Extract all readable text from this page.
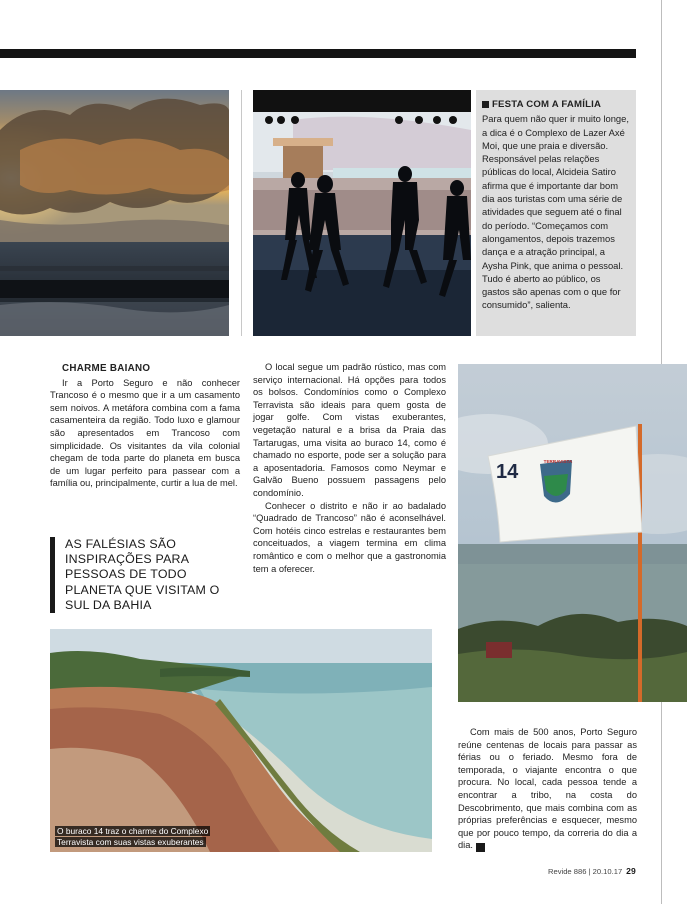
FESTA COM A FAMÍLIA
Para quem não quer ir muito longe, a dica é o Complexo de Lazer Axé Moi, que une praia e diversão. Responsável pelas relações públicas do local, Alcideia Satiro afirma que é importante dar bom dia aos turistas com uma série de atividades que seguem até o final do período. “Começamos com alongamentos, depois trazemos dança e a atração principal, a Aysha Pink, que anima o pessoal. Tudo é aberto ao público, os gastos são apenas com o que for consumido”, salienta.
CHARME BAIANO

Ir a Porto Seguro e não conhecer Trancoso é o mesmo que ir a um casamento sem noivos. A metáfora combina com a fama casamenteira da região. Todo luxo e glamour são apresentados em Trancoso com simplicidade. Os visitantes da vila colonial chegam de toda parte do planeta em busca de um lugar perfeito para passear com a família ou, principalmente, curtir a lua de mel.

AS FALÉSIAS SÃO INSPIRAÇÕES PARA PESSOAS DE TODO PLANETA QUE VISITAM O SUL DA BAHIA

O local segue um padrão rústico, mas com serviço internacional. Há opções para todos os bolsos. Condomínios como o Complexo Terravista são ideais para quem gosta de jogar golfe. Com vistas exuberantes, vegetação natural e a brisa da Praia das Tartarugas, uma visita ao buraco 14, como é chamado no esporte, pode ser a solução para a aposentadoria. Famosos como Neymar e Galvão Bueno possuem passagens pelo condomínio.

Conhecer o distrito e não ir ao badalado “Quadrado de Trancoso” não é aconselhável. Com hotéis cinco estrelas e restaurantes bem conceituados, a viagem termina em clima romântico e com o melhor que a gastronomia tem a oferecer.

14	TERRAVISTA
O buraco 14 traz o charme do Complexo Terravista com suas vistas exuberantes

Com mais de 500 anos, Porto Seguro reúne centenas de locais para passar as férias ou o feriado. Mesmo fora de temporada, o viajante encontra o que procura. No local, cada pessoa tende a encontrar a tribo, na costa do Descobrimento, que mais combina com as próprias preferências e esquecer, mesmo que por pouco tempo, da correria do dia a dia. r

Revide 886 | 20.10.17 29
